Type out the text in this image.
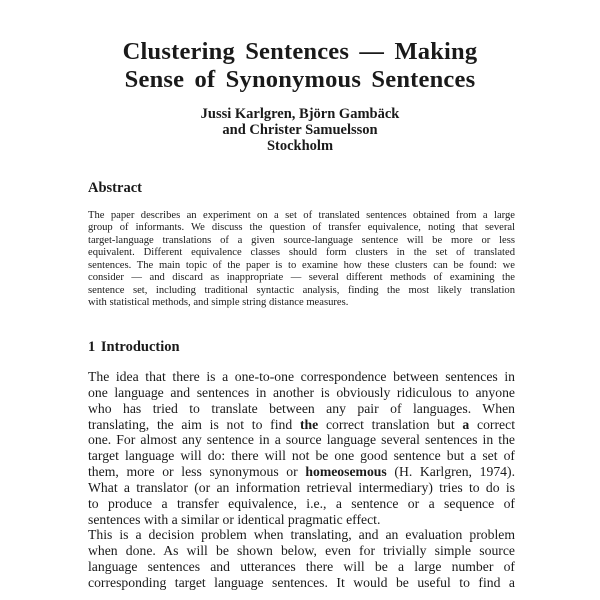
Clustering Sentences — Making
Sense of Synonymous Sentences
Jussi Karlgren, Björn Gambäck
and Christer Samuelsson
Stockholm
Abstract
The paper describes an experiment on a set of translated sentences obtained from a large
group of informants. We discuss the question of transfer equivalence, noting that several
target-language translations of a given source-language sentence will be more or less
equivalent. Different equivalence classes should form clusters in the set of translated
sentences. The main topic of the paper is to examine how these clusters can be found: we
consider — and discard as inappropriate — several different methods of examining the
sentence set, including traditional syntactic analysis, finding the most likely translation
with statistical methods, and simple string distance measures.
1 Introduction
The idea that there is a one-to-one correspondence between sentences in
one language and sentences in another is obviously ridiculous to anyone
who has tried to translate between any pair of languages. When
translating, the aim is not to find the correct translation but a correct
one. For almost any sentence in a source language several sentences in the
target language will do: there will not be one good sentence but a set of
them, more or less synonymous or homeosemous (H. Karlgren, 1974).
What a translator (or an information retrieval intermediary) tries to do is
to produce a transfer equivalence, i.e., a sentence or a sequence of
sentences with a similar or identical pragmatic effect.
This is a decision problem when translating, and an evaluation problem
when done. As will be shown below, even for trivially simple source
language sentences and utterances there will be a large number of
corresponding target language sentences. It would be useful to find a
